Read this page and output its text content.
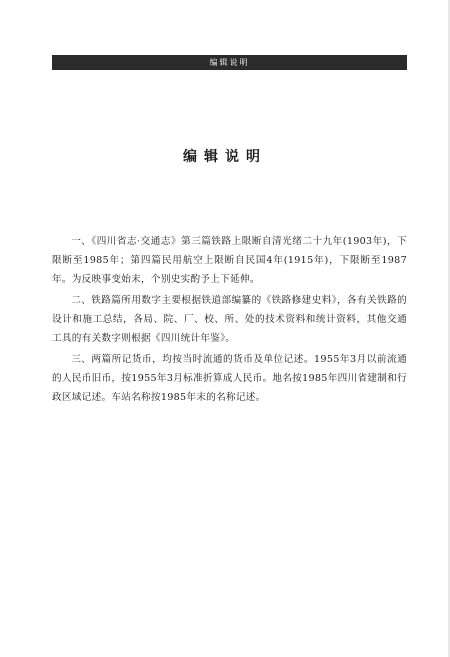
编辑说明
编辑说明

一、《四川省志·交通志》第三篇铁路上限断自清光绪二十九年(1903年)，下限断至1985年；第四篇民用航空上限断自民国4年(1915年)，下限断至1987年。为反映事变始末，个别史实酌予上下延伸。

二、铁路篇所用数字主要根据铁道部编纂的《铁路修建史料》，各有关铁路的设计和施工总结，各局、院、厂、校、所、处的技术资料和统计资料，其他交通工具的有关数字则根据《四川统计年鉴》。

三、两篇所记货币，均按当时流通的货币及单位记述。1955年3月以前流通的人民币旧币，按1955年3月标准折算成人民币。地名按1985年四川省建制和行政区域记述。车站名称按1985年末的名称记述。
